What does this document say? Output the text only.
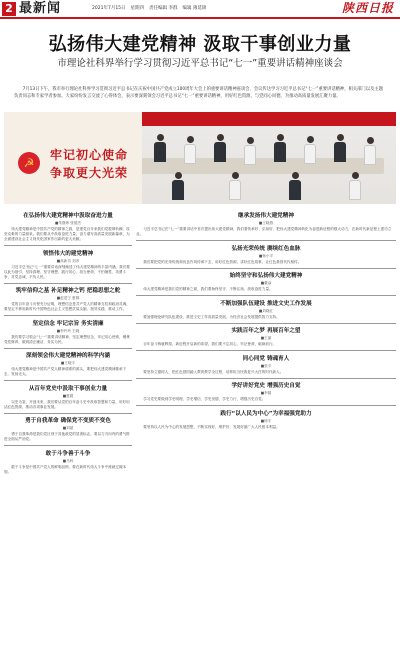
2 最新闻	2021年7月15日 星期四 责任编辑 李群 编辑 薄延锦	陕西日报
弘扬伟大建党精神 汲取干事创业力量
市理论社科界举行学习贯彻习近平总书记“七一”重要讲话精神座谈会
7月13日下午，我市举行理论社科界学习贯彻习近平总书记在庆祝中国共产党成立100周年大会上的重要讲话精神座谈会，会议传达学习习近平总书记“七一”重要讲话精神，相关部门以及主题负责同志和专家学者参加。大家纷纷发言交流了心得体会，表示要深刻领会习近平总书记“七一”重要讲话精神，用好红色资源，与党同心同德，为推动高质量发展汇聚力量。
☭
牢记初心使命
争取更大光荣
在弘扬伟大建党精神中汲取奋进力量
■朱继珍 张德杰
伟大建党精神是中国共产党的精神之源，是建党百年来我们党披荆斩棘、攻坚克难的力量源泉。我们要从中汲取奋进力量，奋力谱写高质量发展新篇章，为全面建设社会主义现代化国家作出新的更大贡献。
领悟伟大的建党精神
■高新功 刘彦
习近平总书记“七一”重要讲话深刻阐述了伟大建党精神的丰富内涵，我们要以此为指引，坚持真理、坚守理想，践行初心、担当使命，不怕牺牲、英勇斗争，对党忠诚、不负人民。
筑牢信仰之基 补足精神之钙 把稳思想之舵
■赵进宁 惠锦
党的百年奋斗历程充分证明，理想信念是共产党人的精神支柱和政治灵魂，要坚定不移用新时代中国特色社会主义思想武装头脑、指导实践、推动工作。
坚定信念 牢记宗旨 务实清廉
■李玲玲 王晓
我们要学习领会“七一”重要讲话精神，坚定理想信念，牢记初心使命，锤炼党性修养，做到清正廉洁、务实为民。
深刻领会伟大建党精神的科学内涵
■王晓宇
伟大建党精神是中国共产党人精神谱系的源头，要把伟大建党精神继承下去、发扬光大。
从百年党史中汲取干事创业力量
■惠娟
以史为鉴、开创未来，我们要从党的百年奋斗史中汲取智慧和力量，用好用活红色资源，推动各项事业发展。
勇于自我革命 确保党不变质不变色
■刘斌
勇于自我革命是我们党区别于其他政党的显著标志，要以刀刃向内的勇气推进全面从严治党。
敢于斗争善于斗争
■马科
敢于斗争是中国共产党人的鲜明品格，要在新时代伟大斗争中练就过硬本领。
继承发扬伟大建党精神
■王晓燕
习近平总书记在“七一”重要讲话中首次提出伟大建党精神，我们要传承好、弘扬好，把伟大建党精神转化为奋进新征程的强大动力，在新时代新征程上建功立业。
弘扬光荣传统 赓续红色血脉
■杨小平
我们要把党的光荣传统和优良作风传承下去，用好红色资源，讲好红色故事，让红色基因代代相传。
始终坚守和弘扬伟大建党精神
■董焱
伟大建党精神是我们党的精神之源，我们要始终坚守、不断弘扬，汲取奋进力量。
不断加强队伍建设 推进文史工作发展
■刘晓红
要加强理论研究队伍建设，推进文史工作高质量发展，为经济社会发展提供智力支持。
实践百年之梦 再展百年之望
■王丽
百年奋斗铸就辉煌，新征程开启新的希望，我们要不忘初心、牢记使命，砥砺前行。
同心同党 铸魂育人
■张平
要坚持立德树人，把红色基因融入教育教学全过程，培养担当民族复兴大任的时代新人。
学好讲好党史 增强历史自觉
■李娟
学习党史要做到学史明理、学史增信、学史崇德、学史力行，增强历史自觉。
践行“以人民为中心”为幸福强党助力
■杨宇
要坚持以人民为中心的发展思想，不断实现好、维护好、发展好最广大人民根本利益。
